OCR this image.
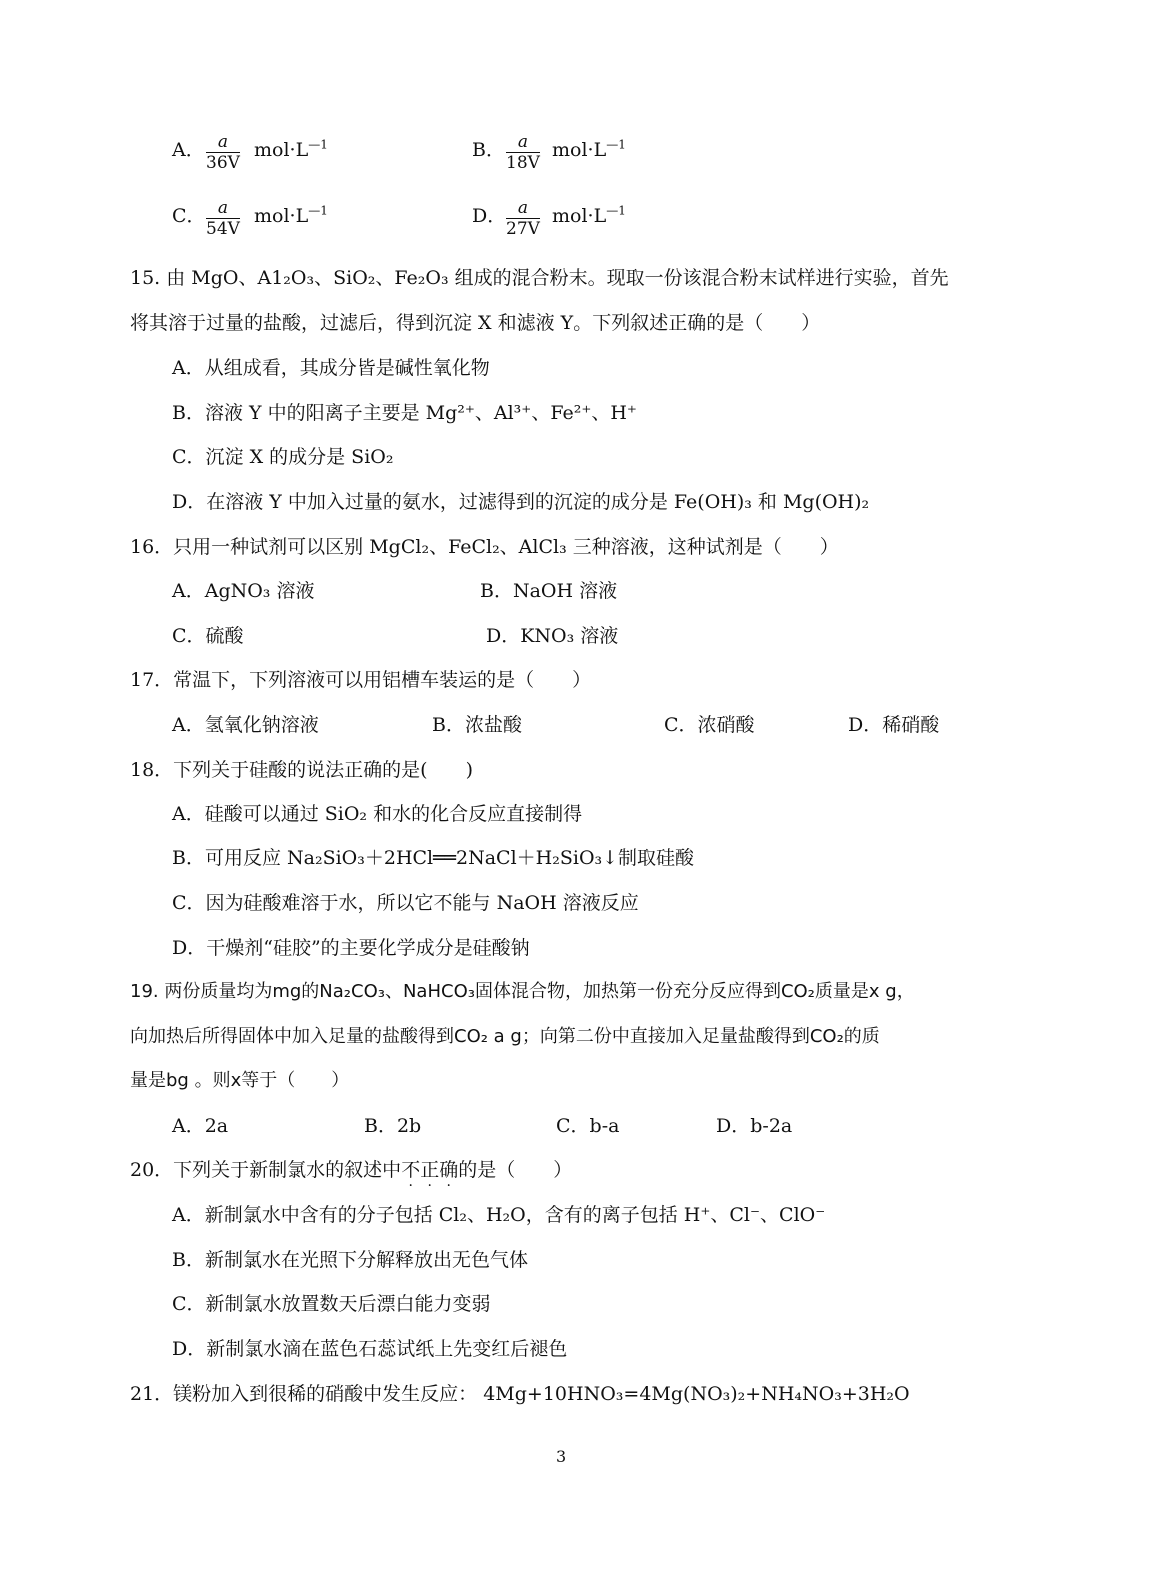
A． $\frac{a}{36V} mol\cdot L^{—1}$	B． $\frac{a}{18V} mol\cdot L^{—1}$
C． $\frac{a}{54V} mol\cdot L^{—1}$	D． $\frac{a}{27V} mol\cdot L^{—1}$
15. 由 MgO、A1₂O₃、SiO₂、Fe₂O₃ 组成的混合粉末。现取一份该混合粉末试样进行实验，首先
将其溶于过量的盐酸，过滤后，得到沉淀 X 和滤液 Y。下列叙述正确的是（　　）
A．从组成看，其成分皆是碱性氧化物
B．溶液 Y 中的阳离子主要是 Mg²⁺、Al³⁺、Fe²⁺、H⁺
C．沉淀 X 的成分是 SiO₂
D．在溶液 Y 中加入过量的氨水，过滤得到的沉淀的成分是 Fe(OH)₃ 和 Mg(OH)₂
16．只用一种试剂可以区别 MgCl₂、FeCl₂、AlCl₃ 三种溶液，这种试剂是（　　）
A．AgNO₃ 溶液	B．NaOH 溶液
C．硫酸	D．KNO₃ 溶液
17．常温下，下列溶液可以用铝槽车装运的是（　　）
A．氢氧化钠溶液	B．浓盐酸	C．浓硝酸	D．稀硝酸
18．下列关于硅酸的说法正确的是(　　)
A．硅酸可以通过 SiO₂ 和水的化合反应直接制得
B．可用反应 Na₂SiO₃＋2HCl══2NaCl＋H₂SiO₃↓制取硅酸
C．因为硅酸难溶于水，所以它不能与 NaOH 溶液反应
D．干燥剂“硅胶”的主要化学成分是硅酸钠
19. 两份质量均为mg的Na₂CO₃、NaHCO₃固体混合物，加热第一份充分反应得到CO₂质量是x g，
向加热后所得固体中加入足量的盐酸得到CO₂ a g；向第二份中直接加入足量盐酸得到CO₂的质
量是bg 。则x等于（　　）
A．2a	B．2b	C．b-a	D．b-2a
20．下列关于新制氯水的叙述中不正确
· · ·
的是（　　）
A．新制氯水中含有的分子包括 Cl₂、H₂O，含有的离子包括 H⁺、Cl⁻、ClO⁻
B．新制氯水在光照下分解释放出无色气体
C．新制氯水放置数天后漂白能力变弱
D．新制氯水滴在蓝色石蕊试纸上先变红后褪色
21．镁粉加入到很稀的硝酸中发生反应： 4Mg+10HNO₃=4Mg(NO₃)₂+NH₄NO₃+3H₂O
3
